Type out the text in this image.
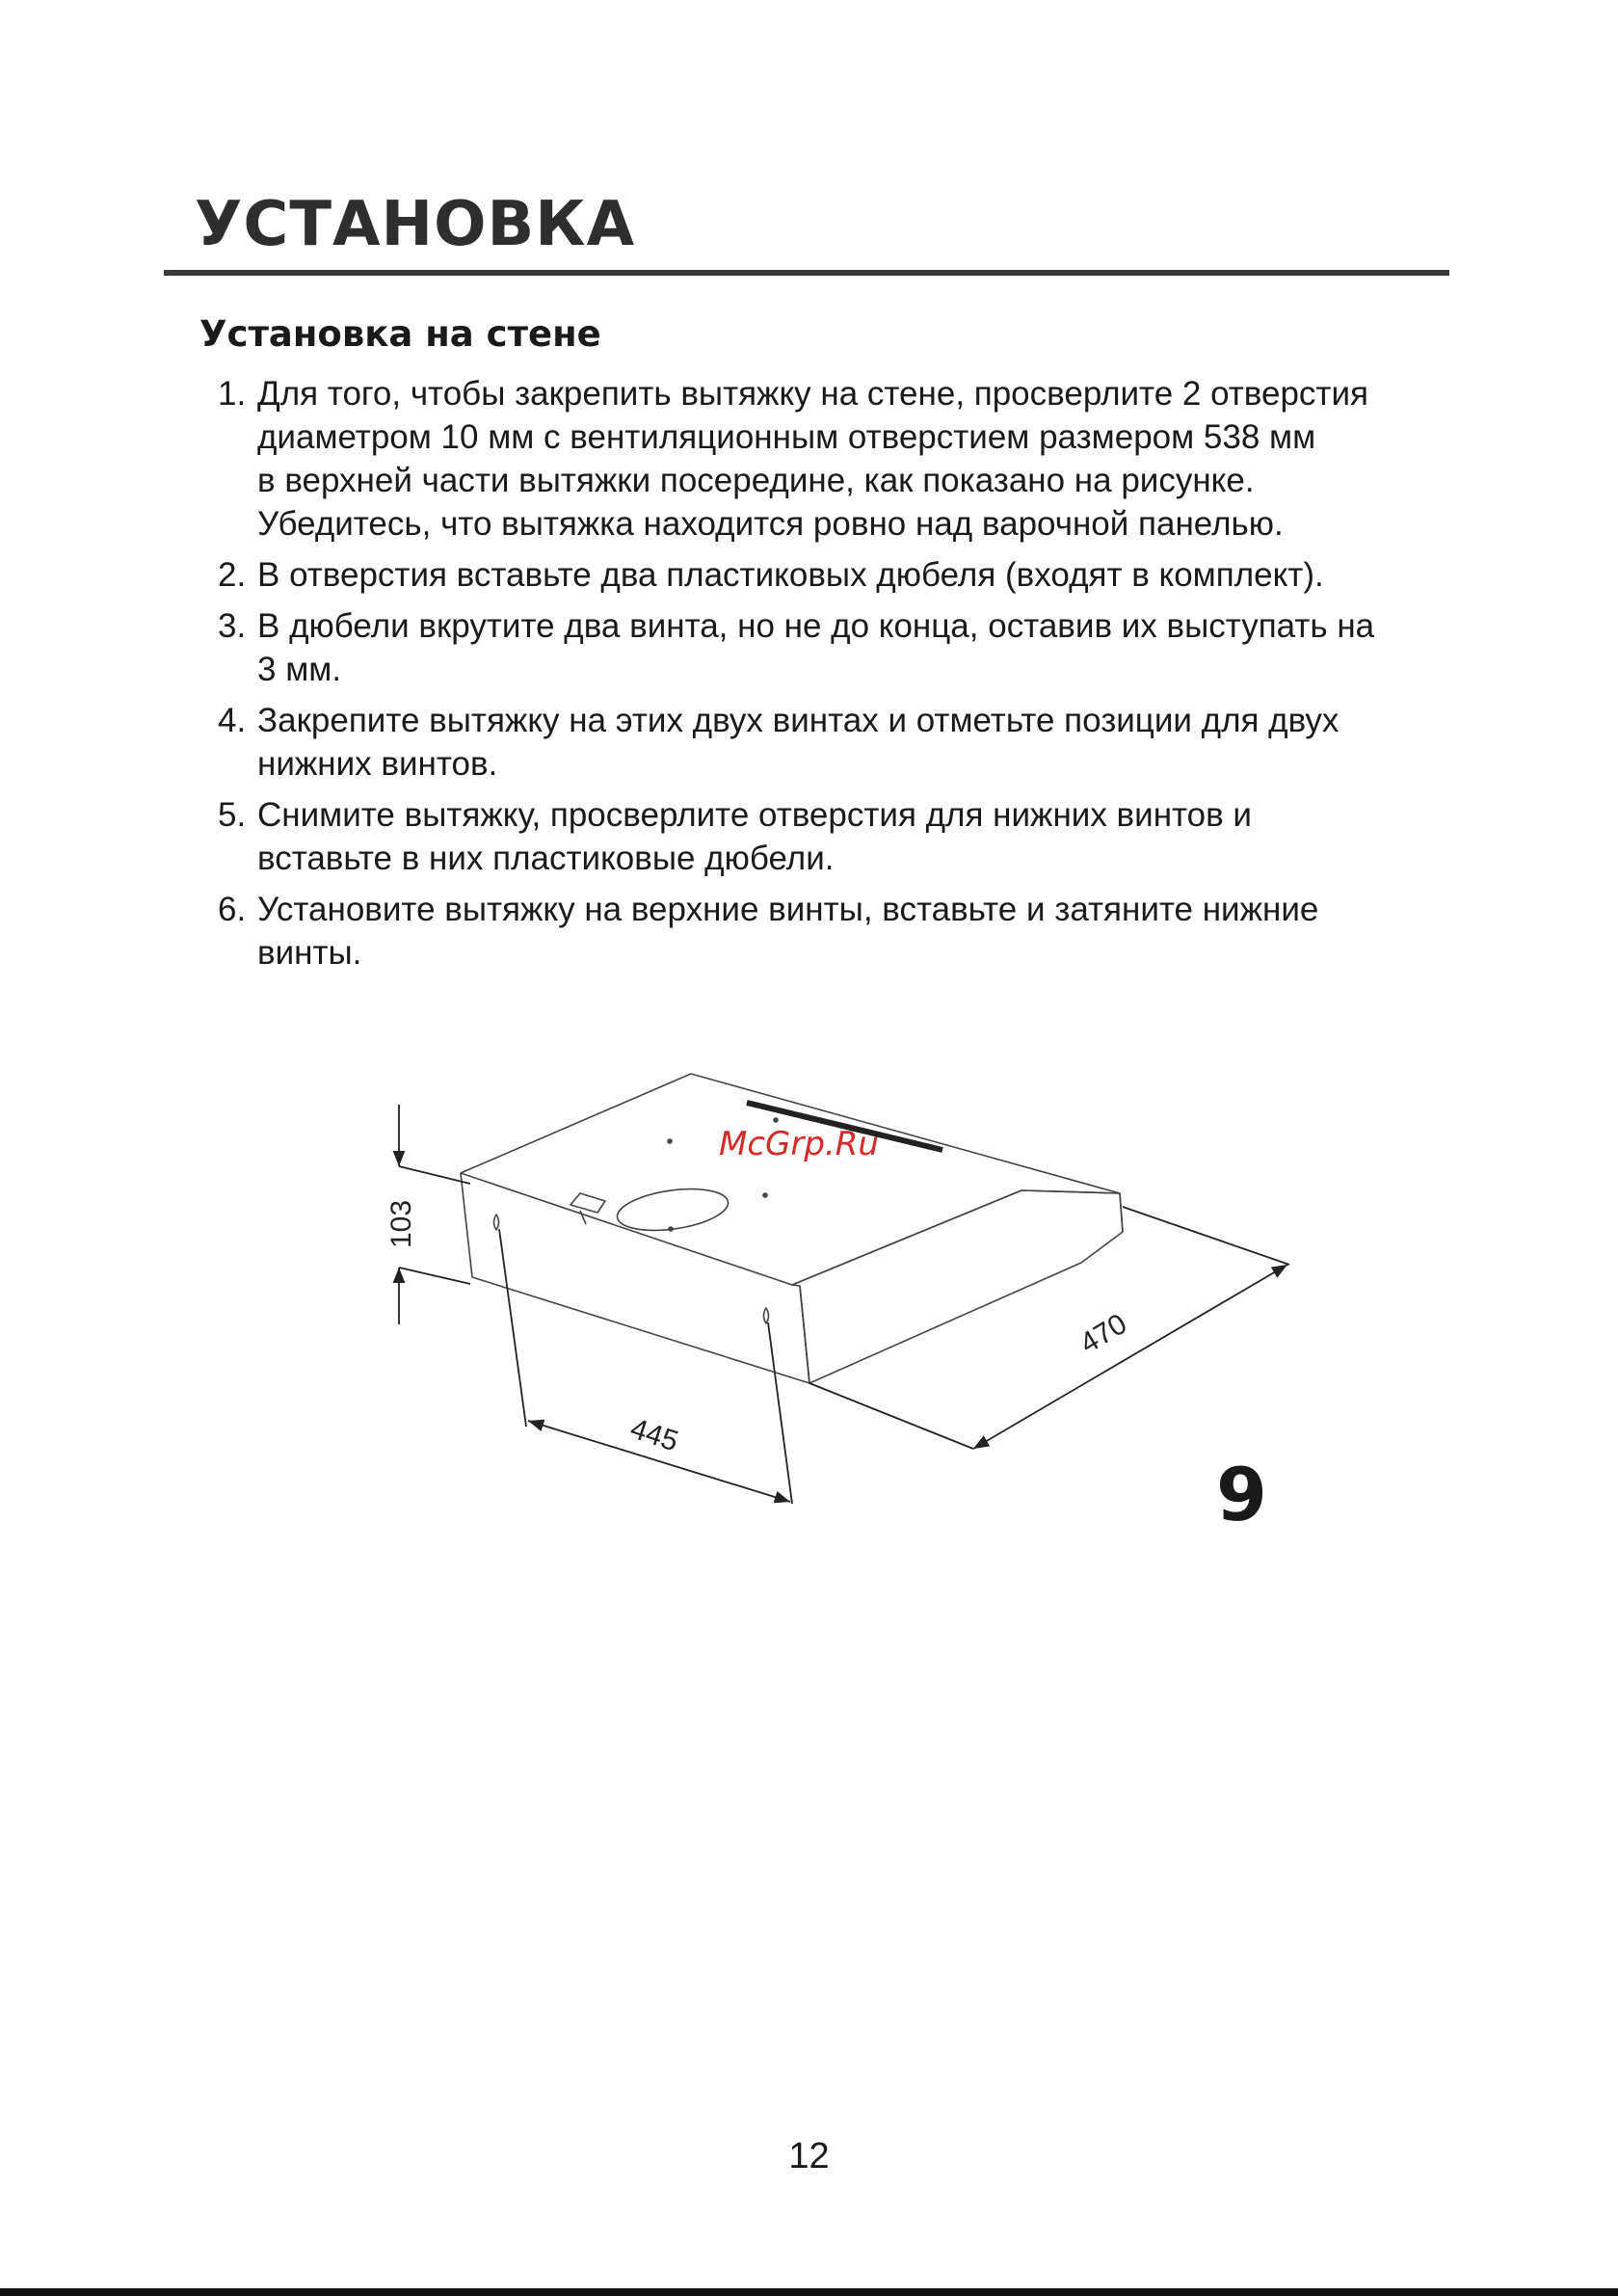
УСТАНОВКА
Установка на стене
1. Для того, чтобы закрепить вытяжку на стене, просверлите 2 отверстия
диаметром 10 мм с вентиляционным отверстием размером 538 мм
в верхней части вытяжки посередине, как показано на рисунке.
Убедитесь, что вытяжка находится ровно над варочной панелью.
2. В отверстия вставьте два пластиковых дюбеля (входят в комплект).
3. В дюбели вкрутите два винта, но не до конца, оставив их выступать на
3 мм.
4. Закрепите вытяжку на этих двух винтах и отметьте позиции для двух
нижних винтов.
5. Снимите вытяжку, просверлите отверстия для нижних винтов и
вставьте в них пластиковые дюбели.
6. Установите вытяжку на верхние винты, вставьте и затяните нижние
винты.
103
445
470
McGrp.Ru
9
12
